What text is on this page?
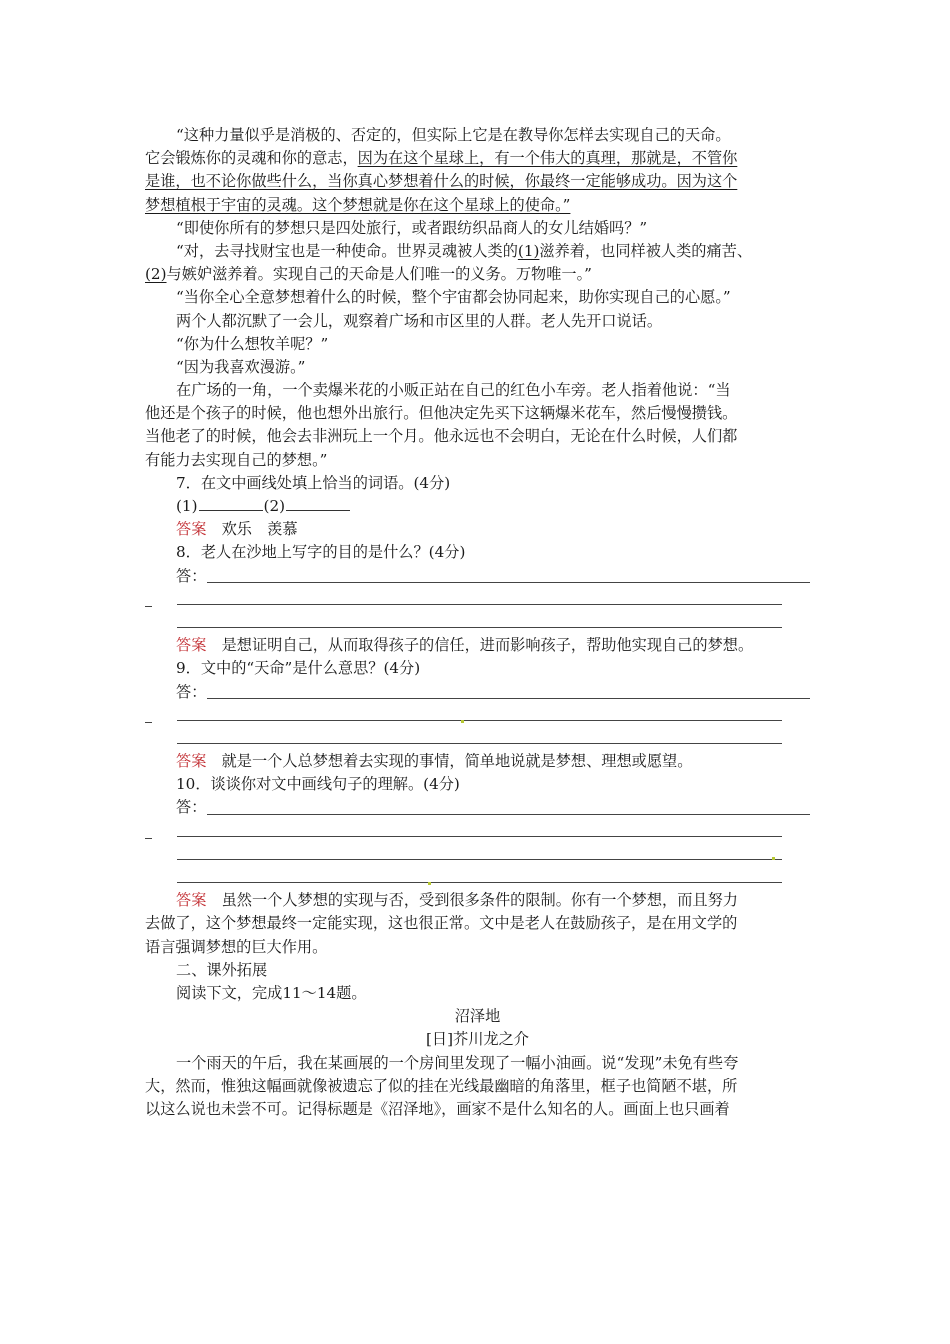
“这种力量似乎是消极的、否定的，但实际上它是在教导你怎样去实现自己的天命。
它会锻炼你的灵魂和你的意志，因为在这个星球上，有一个伟大的真理，那就是，不管你
是谁，也不论你做些什么，当你真心梦想着什么的时候，你最终一定能够成功。因为这个
梦想植根于宇宙的灵魂。这个梦想就是你在这个星球上的使命。”
“即使你所有的梦想只是四处旅行，或者跟纺织品商人的女儿结婚吗？”
“对，去寻找财宝也是一种使命。世界灵魂被人类的(1)滋养着，也同样被人类的痛苦、
(2)与嫉妒滋养着。实现自己的天命是人们唯一的义务。万物唯一。”
“当你全心全意梦想着什么的时候，整个宇宙都会协同起来，助你实现自己的心愿。”
两个人都沉默了一会儿，观察着广场和市区里的人群。老人先开口说话。
“你为什么想牧羊呢？”
“因为我喜欢漫游。”
在广场的一角，一个卖爆米花的小贩正站在自己的红色小车旁。老人指着他说：“当
他还是个孩子的时候，他也想外出旅行。但他决定先买下这辆爆米花车，然后慢慢攒钱。
当他老了的时候，他会去非洲玩上一个月。他永远也不会明白，无论在什么时候，人们都
有能力去实现自己的梦想。”
7．在文中画线处填上恰当的词语。(4分)
(1)	(2)
答案　 欢乐　羡慕
8．老人在沙地上写字的目的是什么？(4分)
答：
答案　 是想证明自己，从而取得孩子的信任，进而影响孩子，帮助他实现自己的梦想。
9．文中的“天命”是什么意思？(4分)
答：
答案　 就是一个人总梦想着去实现的事情，简单地说就是梦想、理想或愿望。
10．谈谈你对文中画线句子的理解。(4分)
答：
答案　 虽然一个人梦想的实现与否，受到很多条件的限制。你有一个梦想，而且努力
去做了，这个梦想最终一定能实现，这也很正常。文中是老人在鼓励孩子，是在用文学的
语言强调梦想的巨大作用。
二、课外拓展
阅读下文，完成11～14题。
沼泽地
[日]芥川龙之介
一个雨天的午后，我在某画展的一个房间里发现了一幅小油画。说“发现”未免有些夸
大，然而，惟独这幅画就像被遗忘了似的挂在光线最幽暗的角落里，框子也简陋不堪，所
以这么说也未尝不可。记得标题是《沼泽地》，画家不是什么知名的人。画面上也只画着
